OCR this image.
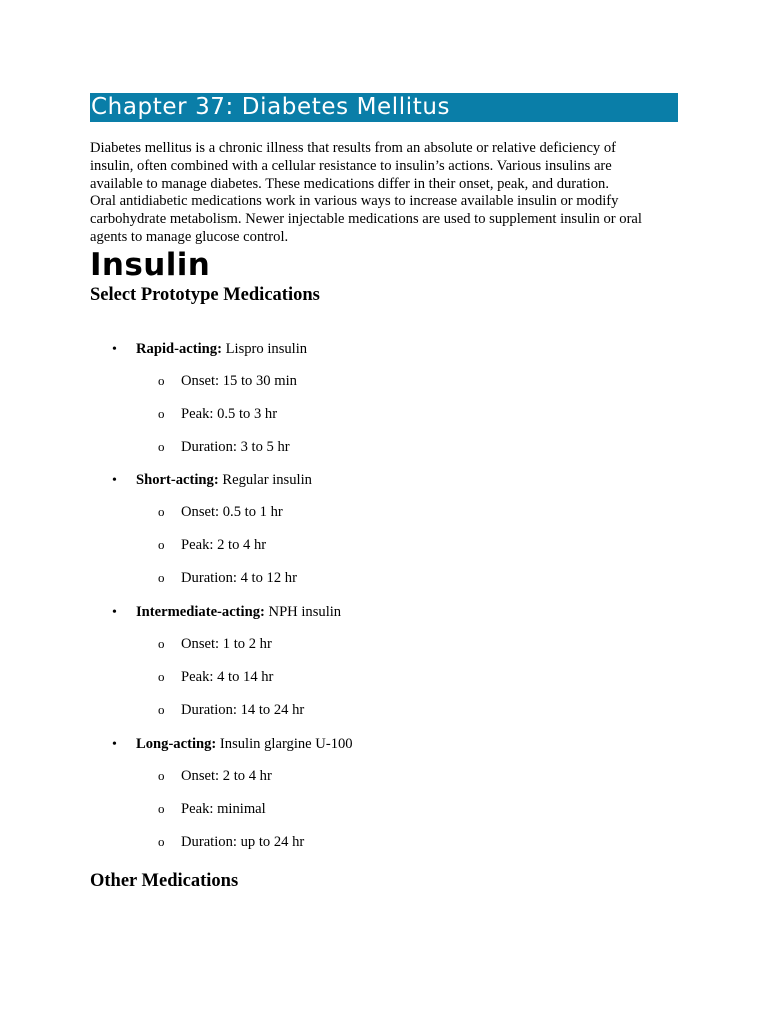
Chapter 37: Diabetes Mellitus

Diabetes mellitus is a chronic illness that results from an absolute or relative deficiency of

insulin, often combined with a cellular resistance to insulin’s actions. Various insulins are

available to manage diabetes. These medications differ in their onset, peak, and duration.

Oral antidiabetic medications work in various ways to increase available insulin or modify

carbohydrate metabolism. Newer injectable medications are used to supplement insulin or oral

agents to manage glucose control.

Insulin
Select Prototype Medications
• Rapid-acting: Lispro insulin
o Onset: 15 to 30 min
o Peak: 0.5 to 3 hr
o Duration: 3 to 5 hr
• Short-acting: Regular insulin
o Onset: 0.5 to 1 hr
o Peak: 2 to 4 hr
o Duration: 4 to 12 hr
• Intermediate-acting: NPH insulin
o Onset: 1 to 2 hr
o Peak: 4 to 14 hr
o Duration: 14 to 24 hr
• Long-acting: Insulin glargine U-100
o Onset: 2 to 4 hr
o Peak: minimal
o Duration: up to 24 hr
Other Medications
